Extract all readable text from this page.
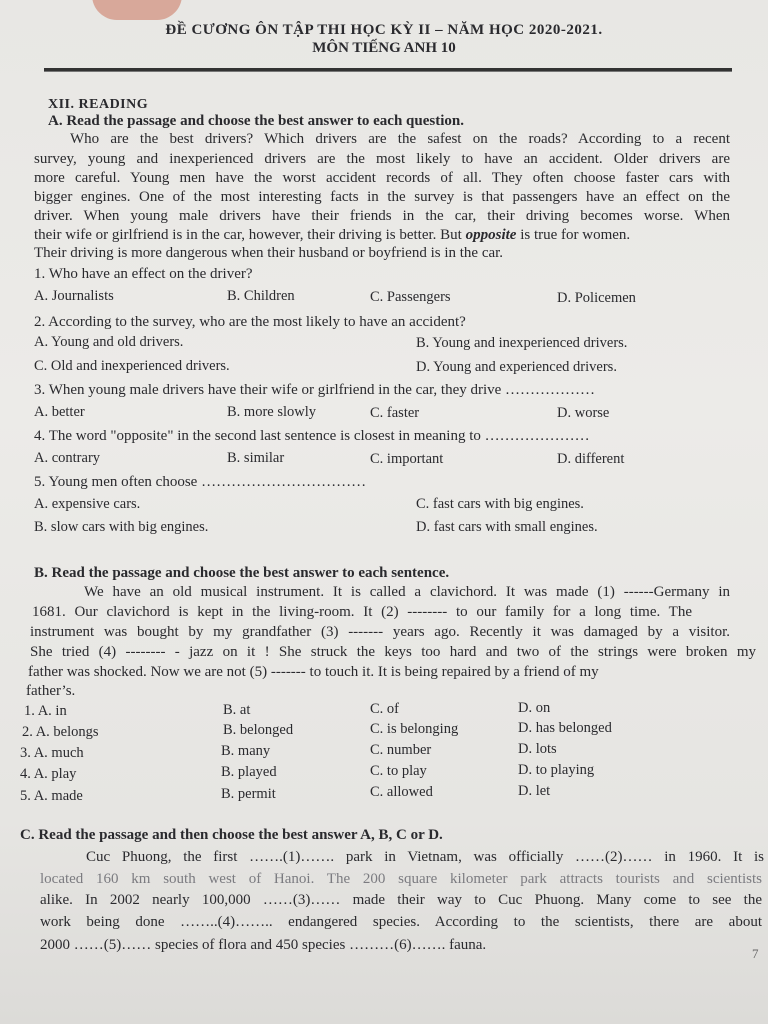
ĐỀ CƯƠNG ÔN TẬP THI HỌC KỲ II – NĂM HỌC 2020-2021.
MÔN TIẾNG ANH 10
XII. READING
A. Read the passage and choose the best answer to each question.
Who are the best drivers? Which drivers are the safest on the roads? According to a recent
survey, young and inexperienced drivers are the most likely to have an accident. Older drivers are
more careful. Young men have the worst accident records of all. They often choose faster cars with
bigger engines. One of the most interesting facts in the survey is that passengers have an effect on the
driver. When young male drivers have their friends in the car, their driving becomes worse. When
their wife or girlfriend is in the car, however, their driving is better. But opposite is true for women.
Their driving is more dangerous when their husband or boyfriend is in the car.
1. Who have an effect on the driver?
A. Journalists	B. Children	C. Passengers	D. Policemen
2. According to the survey, who are the most likely to have an accident?
A. Young and old drivers.	B. Young and inexperienced drivers.
C. Old and inexperienced drivers.	D. Young and experienced drivers.
3. When young male drivers have their wife or girlfriend in the car, they drive ………………
A. better	B. more slowly	C. faster	D. worse
4. The word "opposite" in the second last sentence is closest in meaning to …………………
A. contrary	B. similar	C. important	D. different
5. Young men often choose ……………………………
A. expensive cars.	C. fast cars with big engines.
B. slow cars with big engines.	D. fast cars with small engines.
B. Read the passage and choose the best answer to each sentence.
We have an old musical instrument. It is called a clavichord. It was made (1) ------Germany in
1681. Our clavichord is kept in the living-room. It (2) -------- to our family for a long time. The
instrument was bought by my grandfather (3) ------- years ago. Recently it was damaged by a visitor.
She tried (4) -------- - jazz on it ! She struck the keys too hard and two of the strings were broken my
father was shocked. Now we are not (5) ------- to touch it. It is being repaired by a friend of my
father’s.
1. A. in	B. at	C. of	D. on
2. A. belongs	B. belonged	C. is belonging	D. has belonged
3. A. much	B. many	C. number	D. lots
4. A. play	B. played	C. to play	D. to playing
5. A. made	B. permit	C. allowed	D. let
C. Read the passage and then choose the best answer A, B, C or D.
Cuc Phuong, the first …….(1)……. park in Vietnam, was officially ……(2)…… in 1960. It is
located 160 km south west of Hanoi. The 200 square kilometer park attracts tourists and scientists
alike. In 2002 nearly 100,000 ……(3)…… made their way to Cuc Phuong. Many come to see the
work being done ……..(4)…….. endangered species. According to the scientists, there are about
2000 ……(5)…… species of flora and 450 species ………(6)……. fauna.
7
